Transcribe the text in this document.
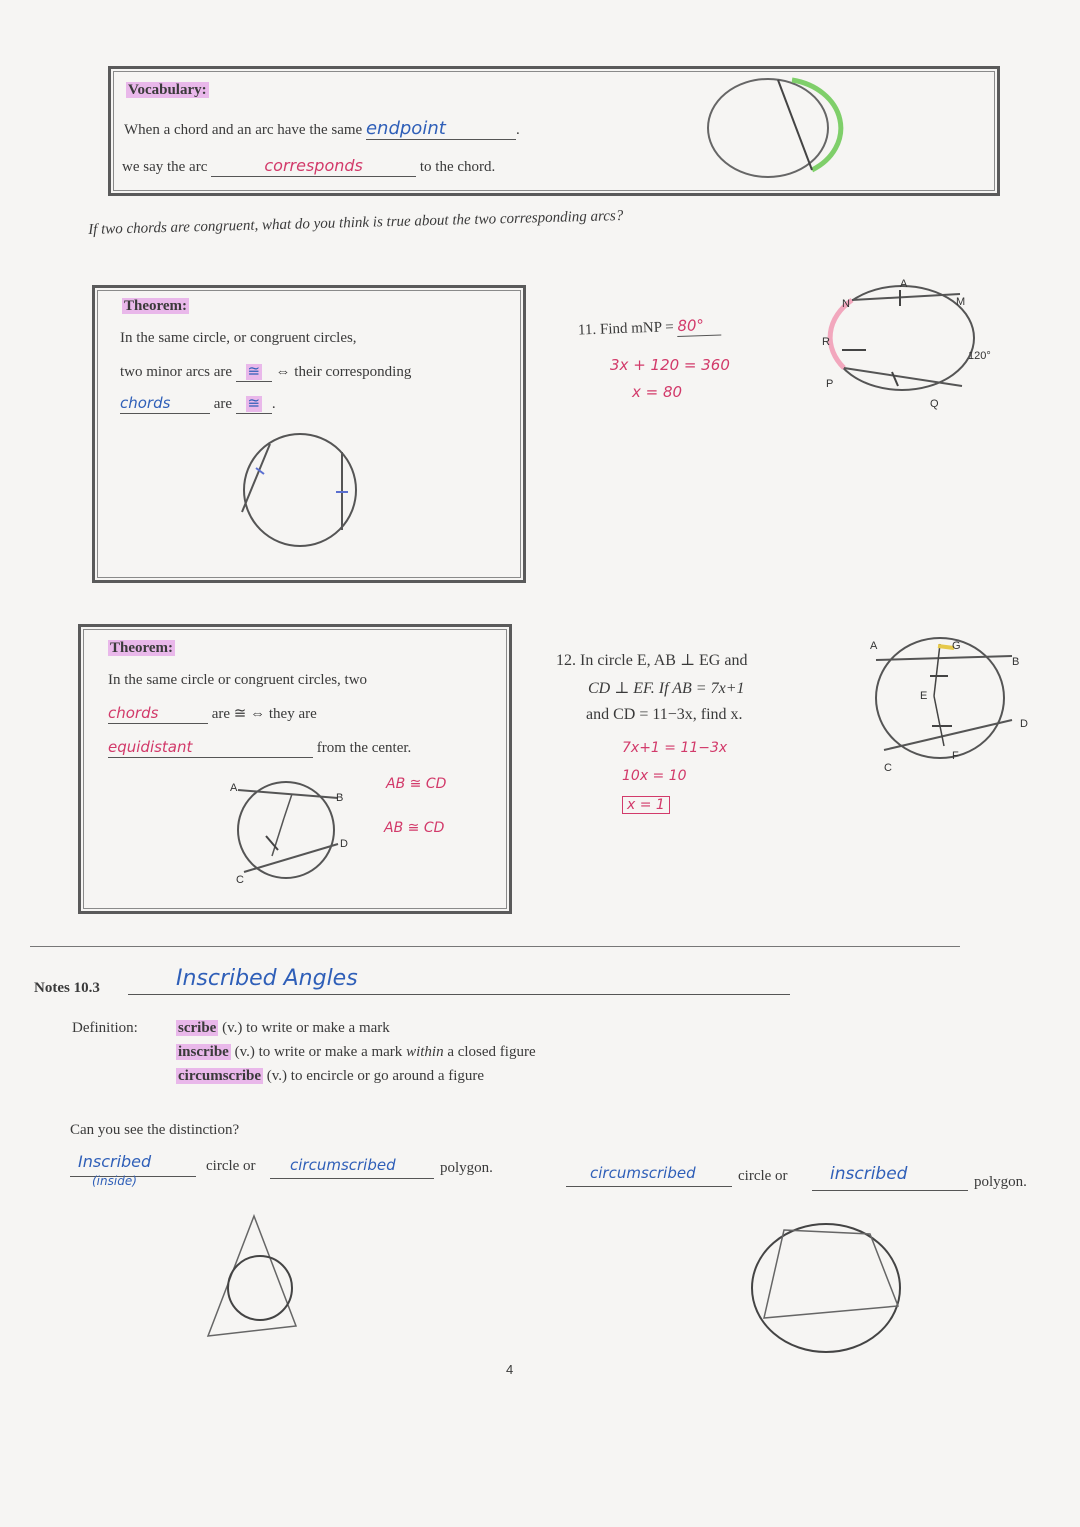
Vocabulary:
When a chord and an arc have the same endpoint	.
we say the arc	corresponds	to the chord.
If two chords are congruent, what do you think is true about the two corresponding arcs?
Theorem:
In the same circle, or congruent circles,
two minor arcs are ≅ ⇔ their corresponding
chords	are ≅ .
11. Find mNP = 80°
3x + 120 = 360
x = 80
N
A
M
R
P
Q
120°
Theorem:
In the same circle or congruent circles, two
chords	are ≅ ⇔ they are
equidistant	from the center.
AB ≅ CD
AB ≅ CD
A
B
C
D
12. In circle E, AB ⊥ EG and
CD ⊥ EF. If AB = 7x+1
and CD = 11−3x, find x.
7x+1 = 11−3x
10x = 10
x = 1
A	G
B
E
D
F
C
Notes 10.3	Inscribed Angles
Definition:	scribe (v.) to write or make a mark
inscribe (v.) to write or make a mark within a closed figure
circumscribe (v.) to encircle or go around a figure
Can you see the distinction?
Inscribed
(inside)
circle or circumscribed	polygon.	circumscribed	circle or inscribed	polygon.
4
